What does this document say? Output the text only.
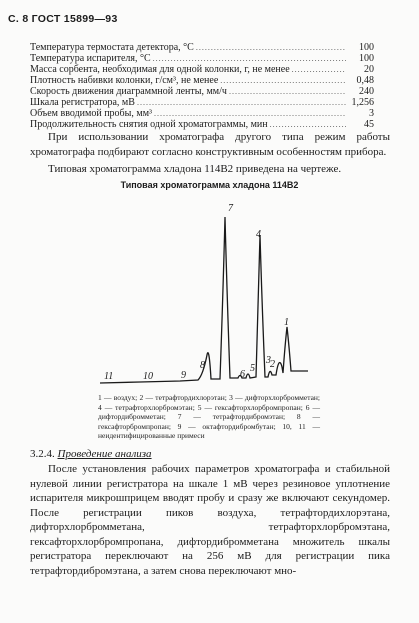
С. 8 ГОСТ 15899—93
Температура термостата детектора, °С .....	100
Температура испарителя, °С .....	100
Масса сорбента, необходимая для одной колонки, г, не менее .....	20
Плотность набивки колонки, г/см³, не менее .....	0,48
Скорость движения диаграммной ленты, мм/ч .....	240
Шкала регистратора, мВ .....	1,256
Объем вводимой пробы, мм³ .....	3
Продолжительность снятия одной хроматограммы, мин .....	45
При использовании хроматографа другого типа режим работы хроматографа подбирают согласно конструктивным особенностям прибора.
Типовая хроматограмма хладона 114В2 приведена на чертеже.
Типовая хроматограмма хладона 114В2
1
2
3
4
5
6
7
8
9
10
11
1 — воздух; 2 — тетрафтордихлорэтан; 3 — дифторхлорбромметан; 4 — тетрафторхлорбромэтан; 5 — гексафторхлорбромпропан; 6 — дифтордибромметан; 7 — тетрафтордибромэтан; 8 — гексафторбромпропан; 9 — октафтордибромбутан; 10, 11 — неидентифицированные примеси
3.2.4. Проведение анализа

После установления рабочих параметров хроматографа и стабильной нулевой линии регистратора на шкале 1 мВ через резиновое уплотнение испарителя микрошприцем вводят пробу и сразу же включают секундомер. После регистрации пиков воздуха, тетрафтордихлорэтана, дифторхлорбромметана, тетрафторхлорбромэтана, гексафторхлорбромпропана, дифтордибромметана множитель шкалы регистратора переключают на 256 мВ для регистрации пика тетрафтордибромэтана, а затем снова переключают мно-
